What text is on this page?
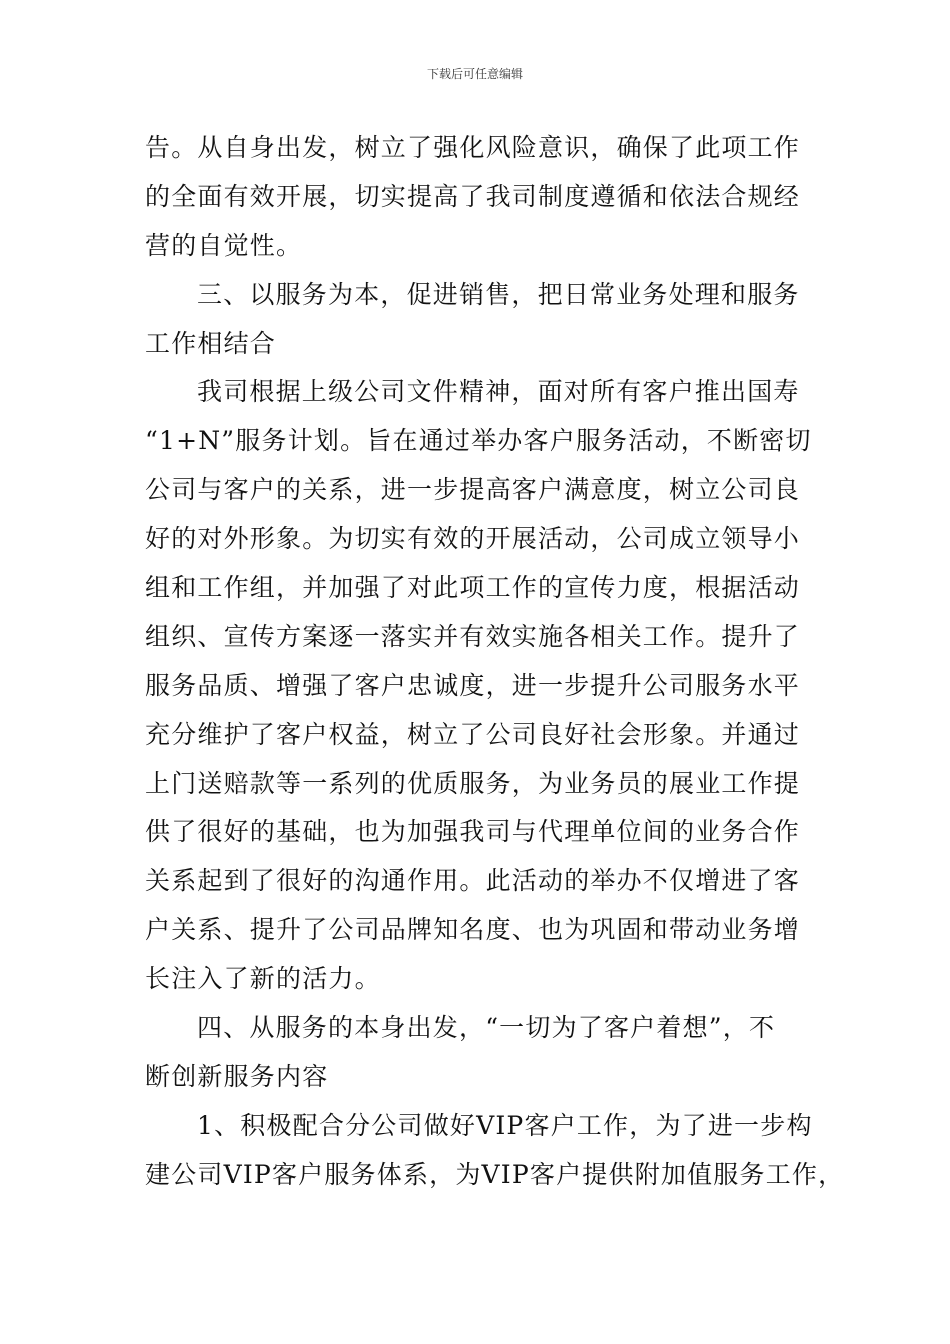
下载后可任意编辑
告。从自身出发，树立了强化风险意识，确保了此项工作
的全面有效开展，切实提高了我司制度遵循和依法合规经
营的自觉性。
三、以服务为本，促进销售，把日常业务处理和服务
工作相结合
我司根据上级公司文件精神，面对所有客户推出国寿
“1+N”服务计划。旨在通过举办客户服务活动，不断密切
公司与客户的关系，进一步提高客户满意度，树立公司良
好的对外形象。为切实有效的开展活动，公司成立领导小
组和工作组，并加强了对此项工作的宣传力度，根据活动
组织、宣传方案逐一落实并有效实施各相关工作。提升了
服务品质、增强了客户忠诚度，进一步提升公司服务水平
充分维护了客户权益，树立了公司良好社会形象。并通过
上门送赔款等一系列的优质服务，为业务员的展业工作提
供了很好的基础，也为加强我司与代理单位间的业务合作
关系起到了很好的沟通作用。此活动的举办不仅增进了客
户关系、提升了公司品牌知名度、也为巩固和带动业务增
长注入了新的活力。
四、从服务的本身出发，“一切为了客户着想”，不
断创新服务内容
1、积极配合分公司做好VIP客户工作，为了进一步构
建公司VIP客户服务体系，为VIP客户提供附加值服务工作，
